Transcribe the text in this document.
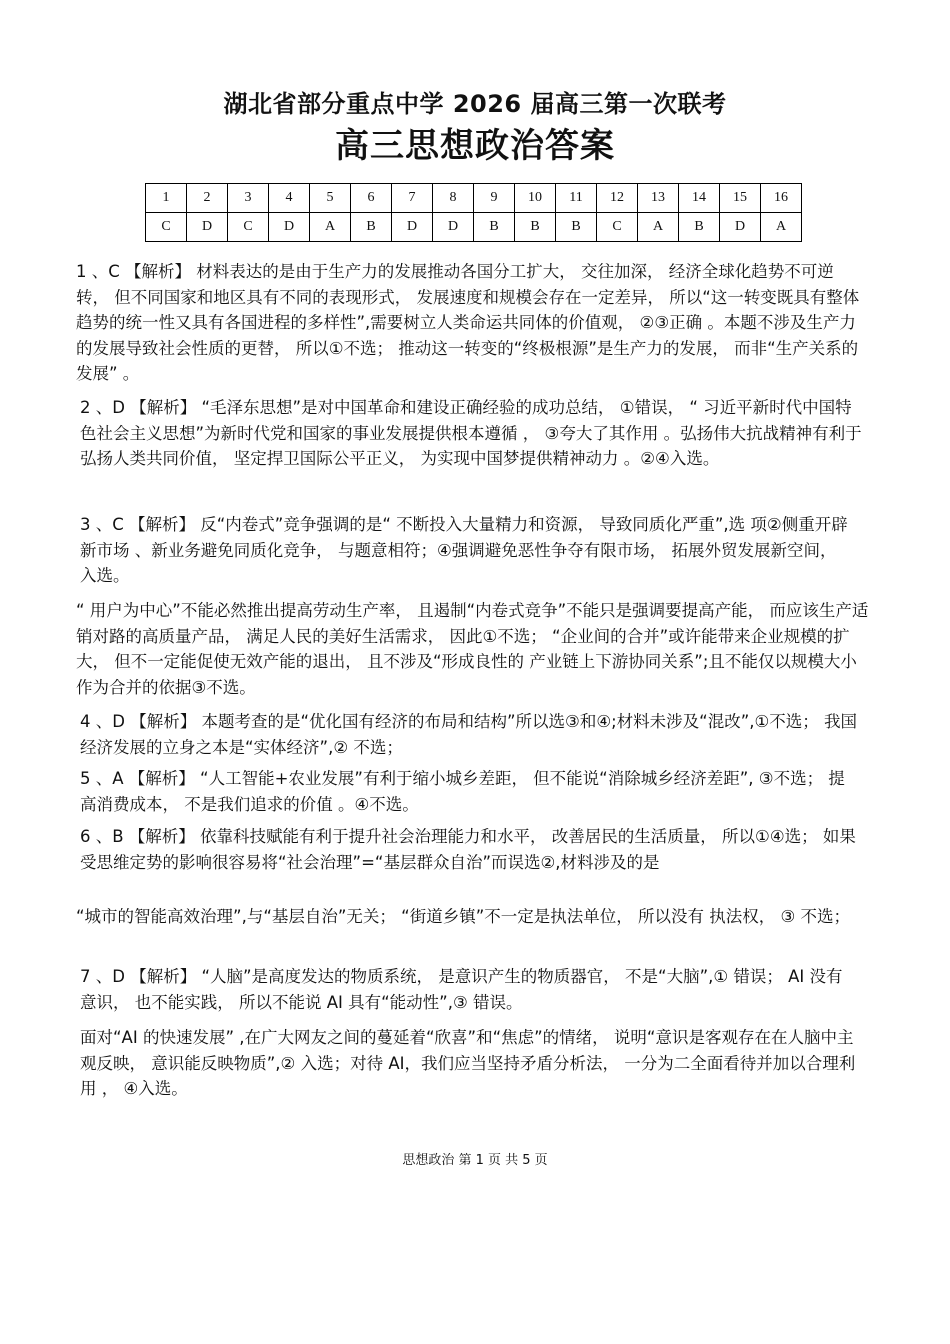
湖北省部分重点中学 2026 届高三第一次联考
高三思想政治答案
1	2	3	4	5	6	7	8	9	10	11	12	13	14	15	16
C	D	C	D	A	B	D	D	B	B	B	C	A	B	D	A

1 、C 【解析】 材料表达的是由于生产力的发展推动各国分工扩大， 交往加深， 经济全球化趋势不可逆转， 但不同国家和地区具有不同的表现形式， 发展速度和规模会存在一定差异， 所以“这一转变既具有整体趋势的统一性又具有各国进程的多样性”,需要树立人类命运共同体的价值观， ②③正确 。本题不涉及生产力的发展导致社会性质的更替， 所以①不选； 推动这一转变的“终极根源”是生产力的发展， 而非“生产关系的发展” 。

2 、D 【解析】 “毛泽东思想”是对中国革命和建设正确经验的成功总结， ①错误， “ 习近平新时代中国特色社会主义思想”为新时代党和国家的事业发展提供根本遵循 ， ③夸大了其作用 。弘扬伟大抗战精神有利于弘扬人类共同价值， 坚定捍卫国际公平正义， 为实现中国梦提供精神动力 。②④入选。

3 、C 【解析】 反“内卷式”竞争强调的是“ 不断投入大量精力和资源， 导致同质化严重”,选 项②侧重开辟新市场 、新业务避免同质化竞争， 与题意相符；④强调避免恶性争夺有限市场， 拓展外贸发展新空间， 入选。

“ 用户为中心”不能必然推出提高劳动生产率， 且遏制“内卷式竞争”不能只是强调要提高产能， 而应该生产适销对路的高质量产品， 满足人民的美好生活需求， 因此①不选； “企业间的合并”或许能带来企业规模的扩大， 但不一定能促使无效产能的退出， 且不涉及“形成良性的 产业链上下游协同关系”;且不能仅以规模大小作为合并的依据③不选。

4 、D 【解析】 本题考查的是“优化国有经济的布局和结构”所以选③和④;材料未涉及“混改”,①不选； 我国经济发展的立身之本是“实体经济”,② 不选；

5 、A 【解析】 “人工智能+农业发展”有利于缩小城乡差距， 但不能说“消除城乡经济差距”, ③不选； 提高消费成本， 不是我们追求的价值 。④不选。

6 、B 【解析】 依靠科技赋能有利于提升社会治理能力和水平， 改善居民的生活质量， 所以①④选； 如果受思维定势的影响很容易将“社会治理”=“基层群众自治”而误选②,材料涉及的是

“城市的智能高效治理”,与“基层自治”无关； “街道乡镇”不一定是执法单位， 所以没有 执法权， ③ 不选；

7 、D 【解析】 “人脑”是高度发达的物质系统， 是意识产生的物质器官， 不是“大脑”,① 错误； AI 没有意识， 也不能实践， 所以不能说 AI 具有“能动性”,③ 错误。

面对“AI 的快速发展” ,在广大网友之间的蔓延着“欣喜”和“焦虑”的情绪， 说明“意识是客观存在在人脑中主观反映， 意识能反映物质”,② 入选；对待 AI，我们应当坚持矛盾分析法， 一分为二全面看待并加以合理利用 ， ④入选。

思想政治 第 1 页 共 5 页
